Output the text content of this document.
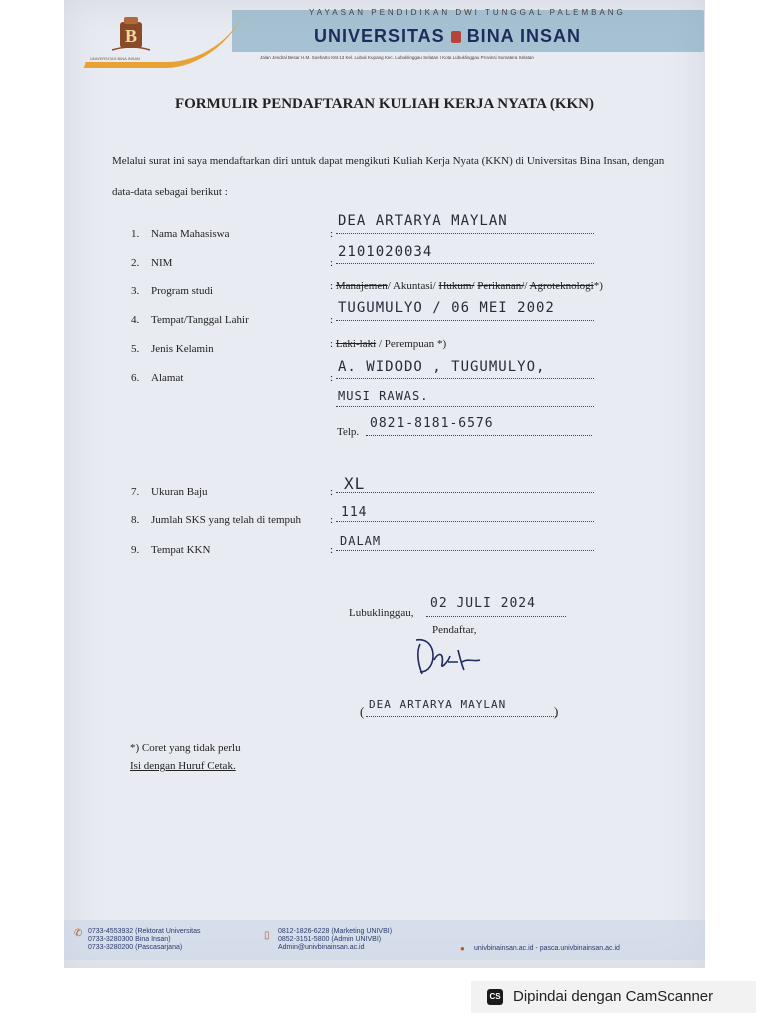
B
UNIVERSITAS BINA INSAN
YAYASAN PENDIDIKAN DWI TUNGGAL PALEMBANG
UNIVERSITAS BINA INSAN
Jalan Jendral Besar H.M. Soeharto KM.13 Kel. Lubuk Kupang Kec. Lubuklinggau Selatan I Kota Lubuklinggau Provinsi Sumatera Selatan
FORMULIR PENDAFTARAN KULIAH KERJA NYATA (KKN)
Melalui surat ini saya mendaftarkan diri untuk dapat mengikuti Kuliah Kerja Nyata (KKN) di Universitas Bina Insan, dengan data-data sebagai berikut :
1. Nama Mahasiswa	:
DEA ARTARYA MAYLAN
2. NIM	:
2101020034
3. Program studi	: Manajemen/ Akuntasi/ Hukum/ Perikanan// Agroteknologi*)
4. Tempat/Tanggal Lahir	:
TUGUMULYO / 06 MEI 2002
5. Jenis Kelamin	: Laki-laki / Perempuan *)
6. Alamat	:
A. WIDODO , TUGUMULYO,
MUSI RAWAS.
Telp.
0821-8181-6576
7. Ukuran Baju	: XL
8. Jumlah SKS yang telah di tempuh	: 114
9. Tempat KKN	:
DALAM
Lubuklinggau,
02 JULI 2024
Pendaftar,
( DEA ARTARYA MAYLAN	)
*) Coret yang tidak perlu
Isi dengan Huruf Cetak.
✆ 0733-4553932 (Rektorat Universitas
0733-3280300 Bina Insan)
0733-3280200 (Pascasarjana)
▯ 0812-1826-6228 (Marketing UNIVBI)
0852-3151-5800 (Admin UNIVBI)
Admin@univbinainsan.ac.id	● univbinainsan.ac.id - pasca.univbinainsan.ac.id
CS Dipindai dengan CamScanner
